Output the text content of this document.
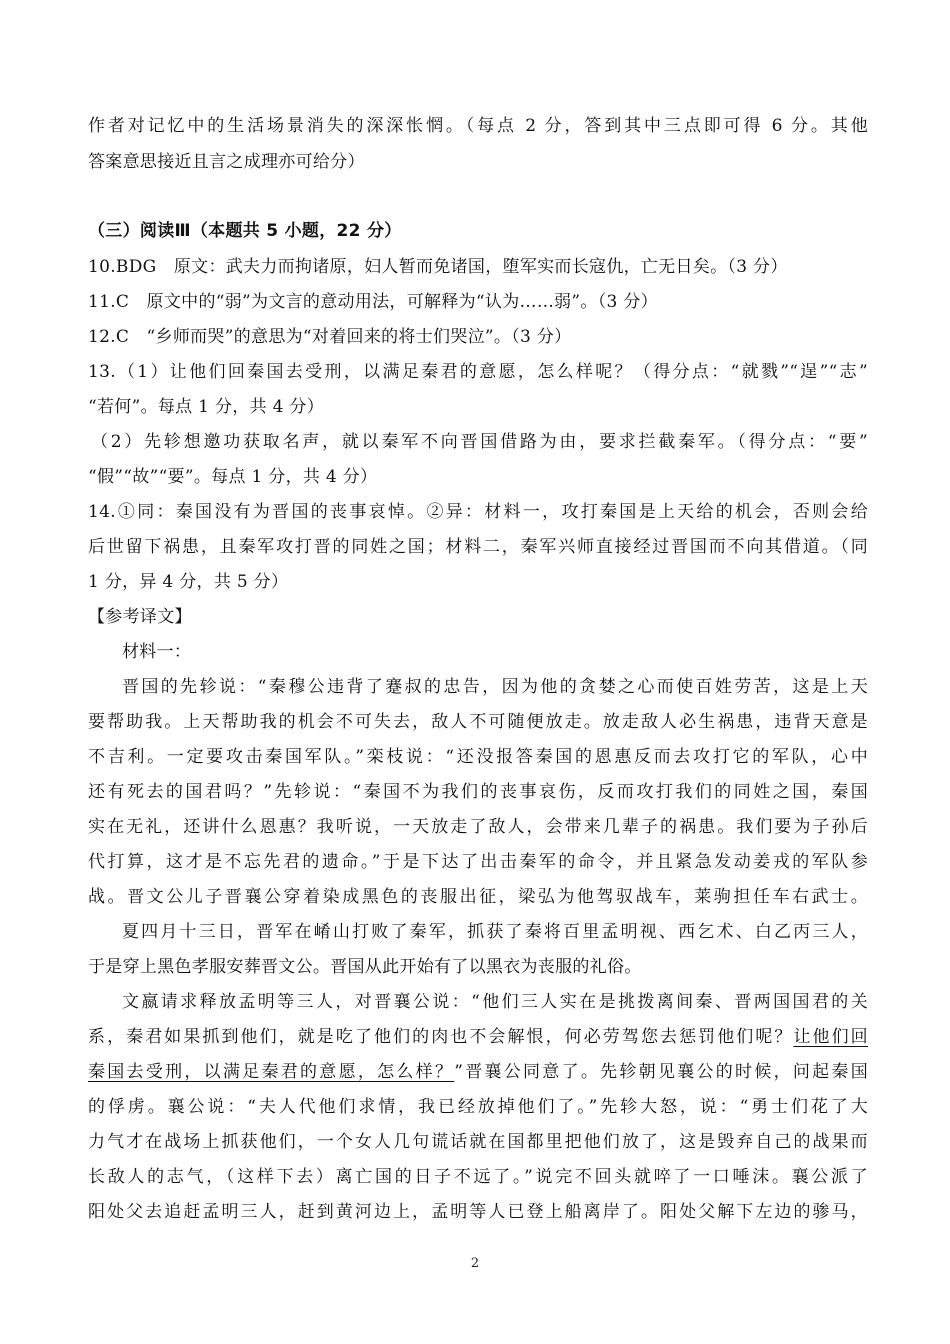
作者对记忆中的生活场景消失的深深怅惘。（每点 2 分，答到其中三点即可得 6 分。其他
答案意思接近且言之成理亦可给分）
（三）阅读Ⅲ（本题共 5 小题，22 分）
10.BDG　原文：武夫力而拘诸原，妇人暂而免诸国，堕军实而长寇仇，亡无日矣。（3 分）
11.C　原文中的“弱”为文言的意动用法，可解释为“认为……弱”。（3 分）
12.C　“乡师而哭”的意思为“对着回来的将士们哭泣”。（3 分）
13.（1）让他们回秦国去受刑，以满足秦君的意愿，怎么样呢？（得分点：“就戮”“逞”“志”
“若何”。每点 1 分，共 4 分）
（2）先轸想邀功获取名声，就以秦军不向晋国借路为由，要求拦截秦军。（得分点：“要”
“假”“故”“要”。每点 1 分，共 4 分）
14.①同：秦国没有为晋国的丧事哀悼。②异：材料一，攻打秦国是上天给的机会，否则会给
后世留下祸患，且秦军攻打晋的同姓之国；材料二，秦军兴师直接经过晋国而不向其借道。（同
1 分，异 4 分，共 5 分）
【参考译文】
材料一：
晋国的先轸说：“秦穆公违背了蹇叔的忠告，因为他的贪婪之心而使百姓劳苦，这是上天
要帮助我。上天帮助我的机会不可失去，敌人不可随便放走。放走敌人必生祸患，违背天意是
不吉利。一定要攻击秦国军队。”栾枝说：“还没报答秦国的恩惠反而去攻打它的军队，心中
还有死去的国君吗？”先轸说：“秦国不为我们的丧事哀伤，反而攻打我们的同姓之国，秦国
实在无礼，还讲什么恩惠？我听说，一天放走了敌人，会带来几辈子的祸患。我们要为子孙后
代打算，这才是不忘先君的遗命。”于是下达了出击秦军的命令，并且紧急发动姜戎的军队参
战。晋文公儿子晋襄公穿着染成黑色的丧服出征，梁弘为他驾驭战车，莱驹担任车右武士。
夏四月十三日，晋军在崤山打败了秦军，抓获了秦将百里孟明视、西乞术、白乙丙三人，
于是穿上黑色孝服安葬晋文公。晋国从此开始有了以黑衣为丧服的礼俗。
文嬴请求释放孟明等三人，对晋襄公说：“他们三人实在是挑拨离间秦、晋两国国君的关
系，秦君如果抓到他们，就是吃了他们的肉也不会解恨，何必劳驾您去惩罚他们呢？让他们回
秦国去受刑，以满足秦君的意愿，怎么样？”晋襄公同意了。先轸朝见襄公的时候，问起秦国
的俘虏。襄公说：“夫人代他们求情，我已经放掉他们了。”先轸大怒，说：“勇士们花了大
力气才在战场上抓获他们，一个女人几句谎话就在国都里把他们放了，这是毁弃自己的战果而
长敌人的志气，（这样下去）离亡国的日子不远了。”说完不回头就啐了一口唾沫。襄公派了
阳处父去追赶孟明三人，赶到黄河边上，孟明等人已登上船离岸了。阳处父解下左边的骖马，
2
